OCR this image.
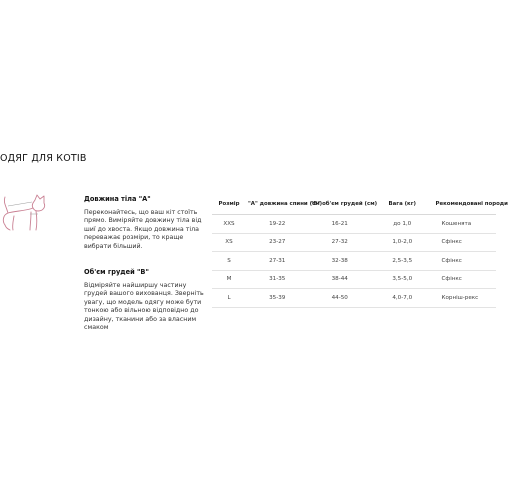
ОДЯГ ДЛЯ КОТІВ

Довжина тіла "А"

Переконайтесь, що ваш кіт стоїть прямо. Виміряйте довжину тіла від шиї до хвоста. Якщо довжина тіла переважає розміри, то краще вибрати більший.

Об'єм грудей "В"

Відміряйте найширшу частину грудей вашого вихованця. Зверніть увагу, що модель одягу може бути тонкою або вільною відповідно до дизайну, тканини або за власним смаком

Розмір	"А" довжина спини (см)	"В" об'єм грудей (см)	Вага (кг)	Рекомендовані породи
XXS	19-22	16-21	до 1,0	Кошенята
XS	23-27	27-32	1,0-2,0	Сфінкс
S	27-31	32-38	2,5-3,5	Сфінкс
M	31-35	38-44	3,5-5,0	Сфінкс
L	35-39	44-50	4,0-7,0	Корніш-рекс
